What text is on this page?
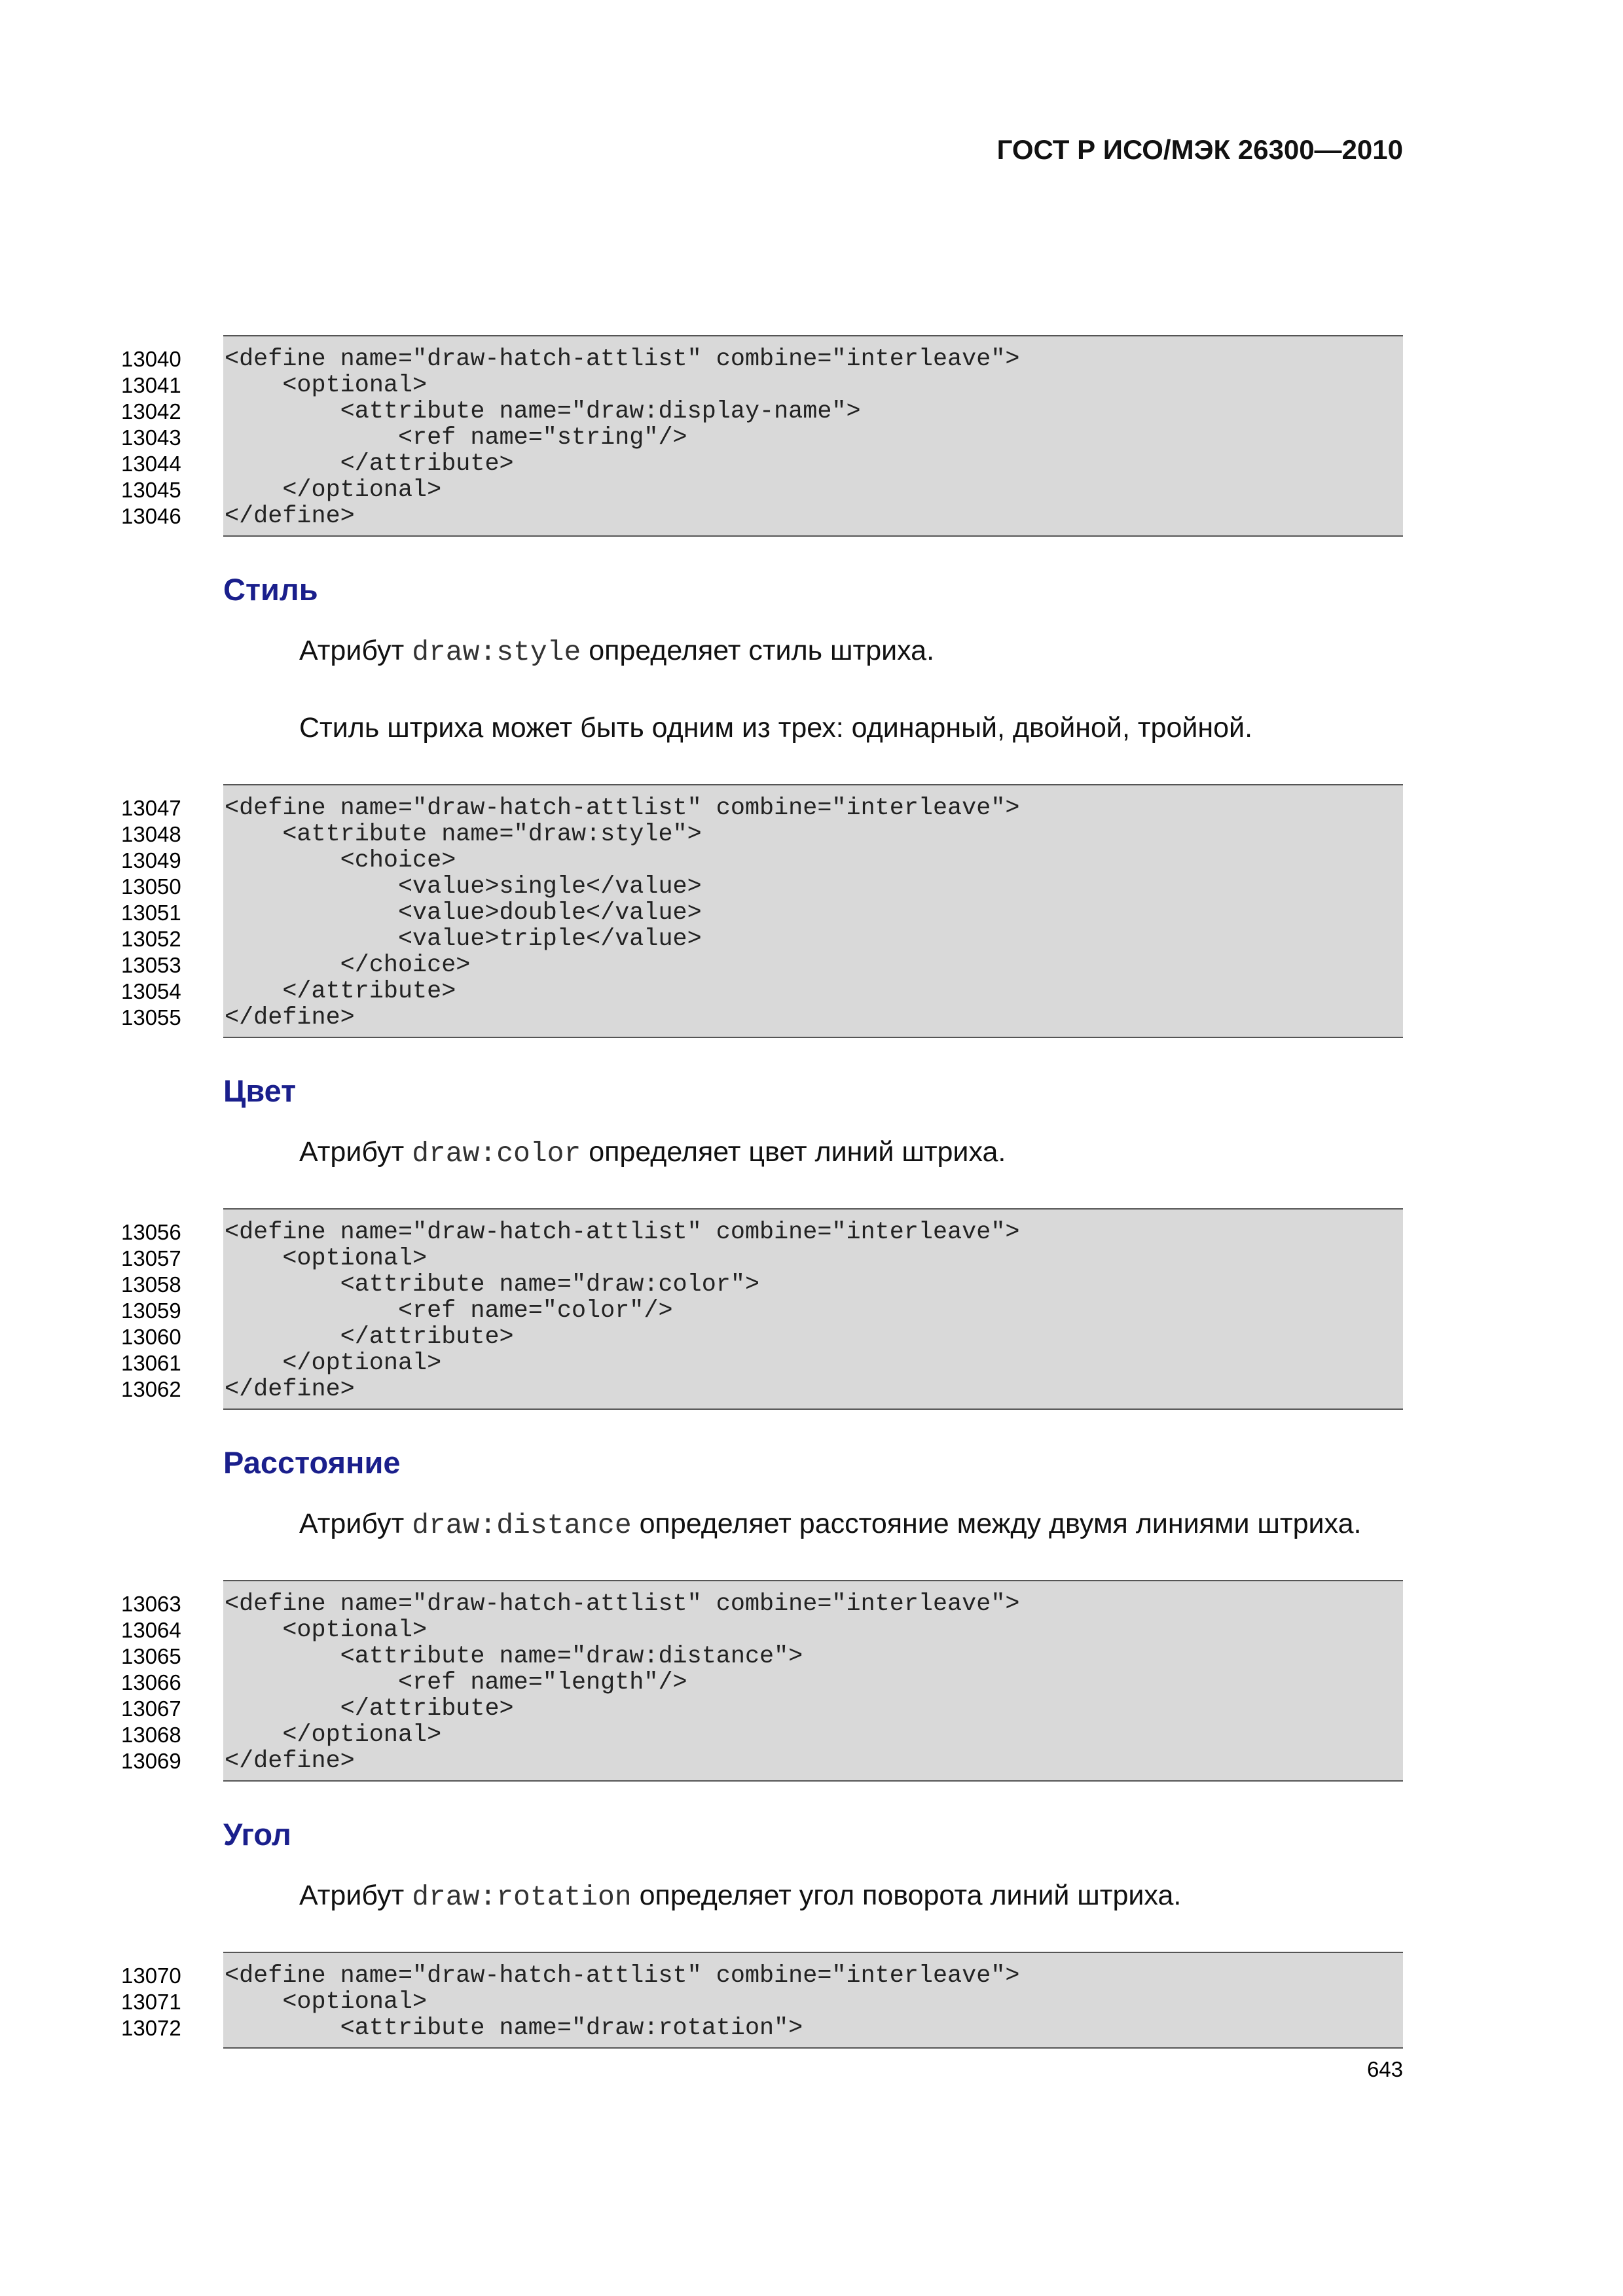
ГОСТ Р ИСО/МЭК 26300—2010
13040 <define name="draw-hatch-attlist" combine="interleave">
13041 <optional>
13042 <attribute name="draw:display-name">
13043 <ref name="string"/>
13044 </attribute>
13045 </optional>
13046 </define>
Стиль

Атрибут draw:style определяет стиль штриха.

Стиль штриха может быть одним из трех: одинарный, двойной, тройной.

13047 <define name="draw-hatch-attlist" combine="interleave">
13048 <attribute name="draw:style">
13049 <choice>
13050 <value>single</value>
13051 <value>double</value>
13052 <value>triple</value>
13053 </choice>
13054 </attribute>
13055 </define>
Цвет

Атрибут draw:color определяет цвет линий штриха.

13056 <define name="draw-hatch-attlist" combine="interleave">
13057 <optional>
13058 <attribute name="draw:color">
13059 <ref name="color"/>
13060 </attribute>
13061 </optional>
13062 </define>
Расстояние

Атрибут draw:distance определяет расстояние между двумя линиями штриха.

13063 <define name="draw-hatch-attlist" combine="interleave">
13064 <optional>
13065 <attribute name="draw:distance">
13066 <ref name="length"/>
13067 </attribute>
13068 </optional>
13069 </define>
Угол

Атрибут draw:rotation определяет угол поворота линий штриха.

13070 <define name="draw-hatch-attlist" combine="interleave">
13071 <optional>
13072 <attribute name="draw:rotation">
643
